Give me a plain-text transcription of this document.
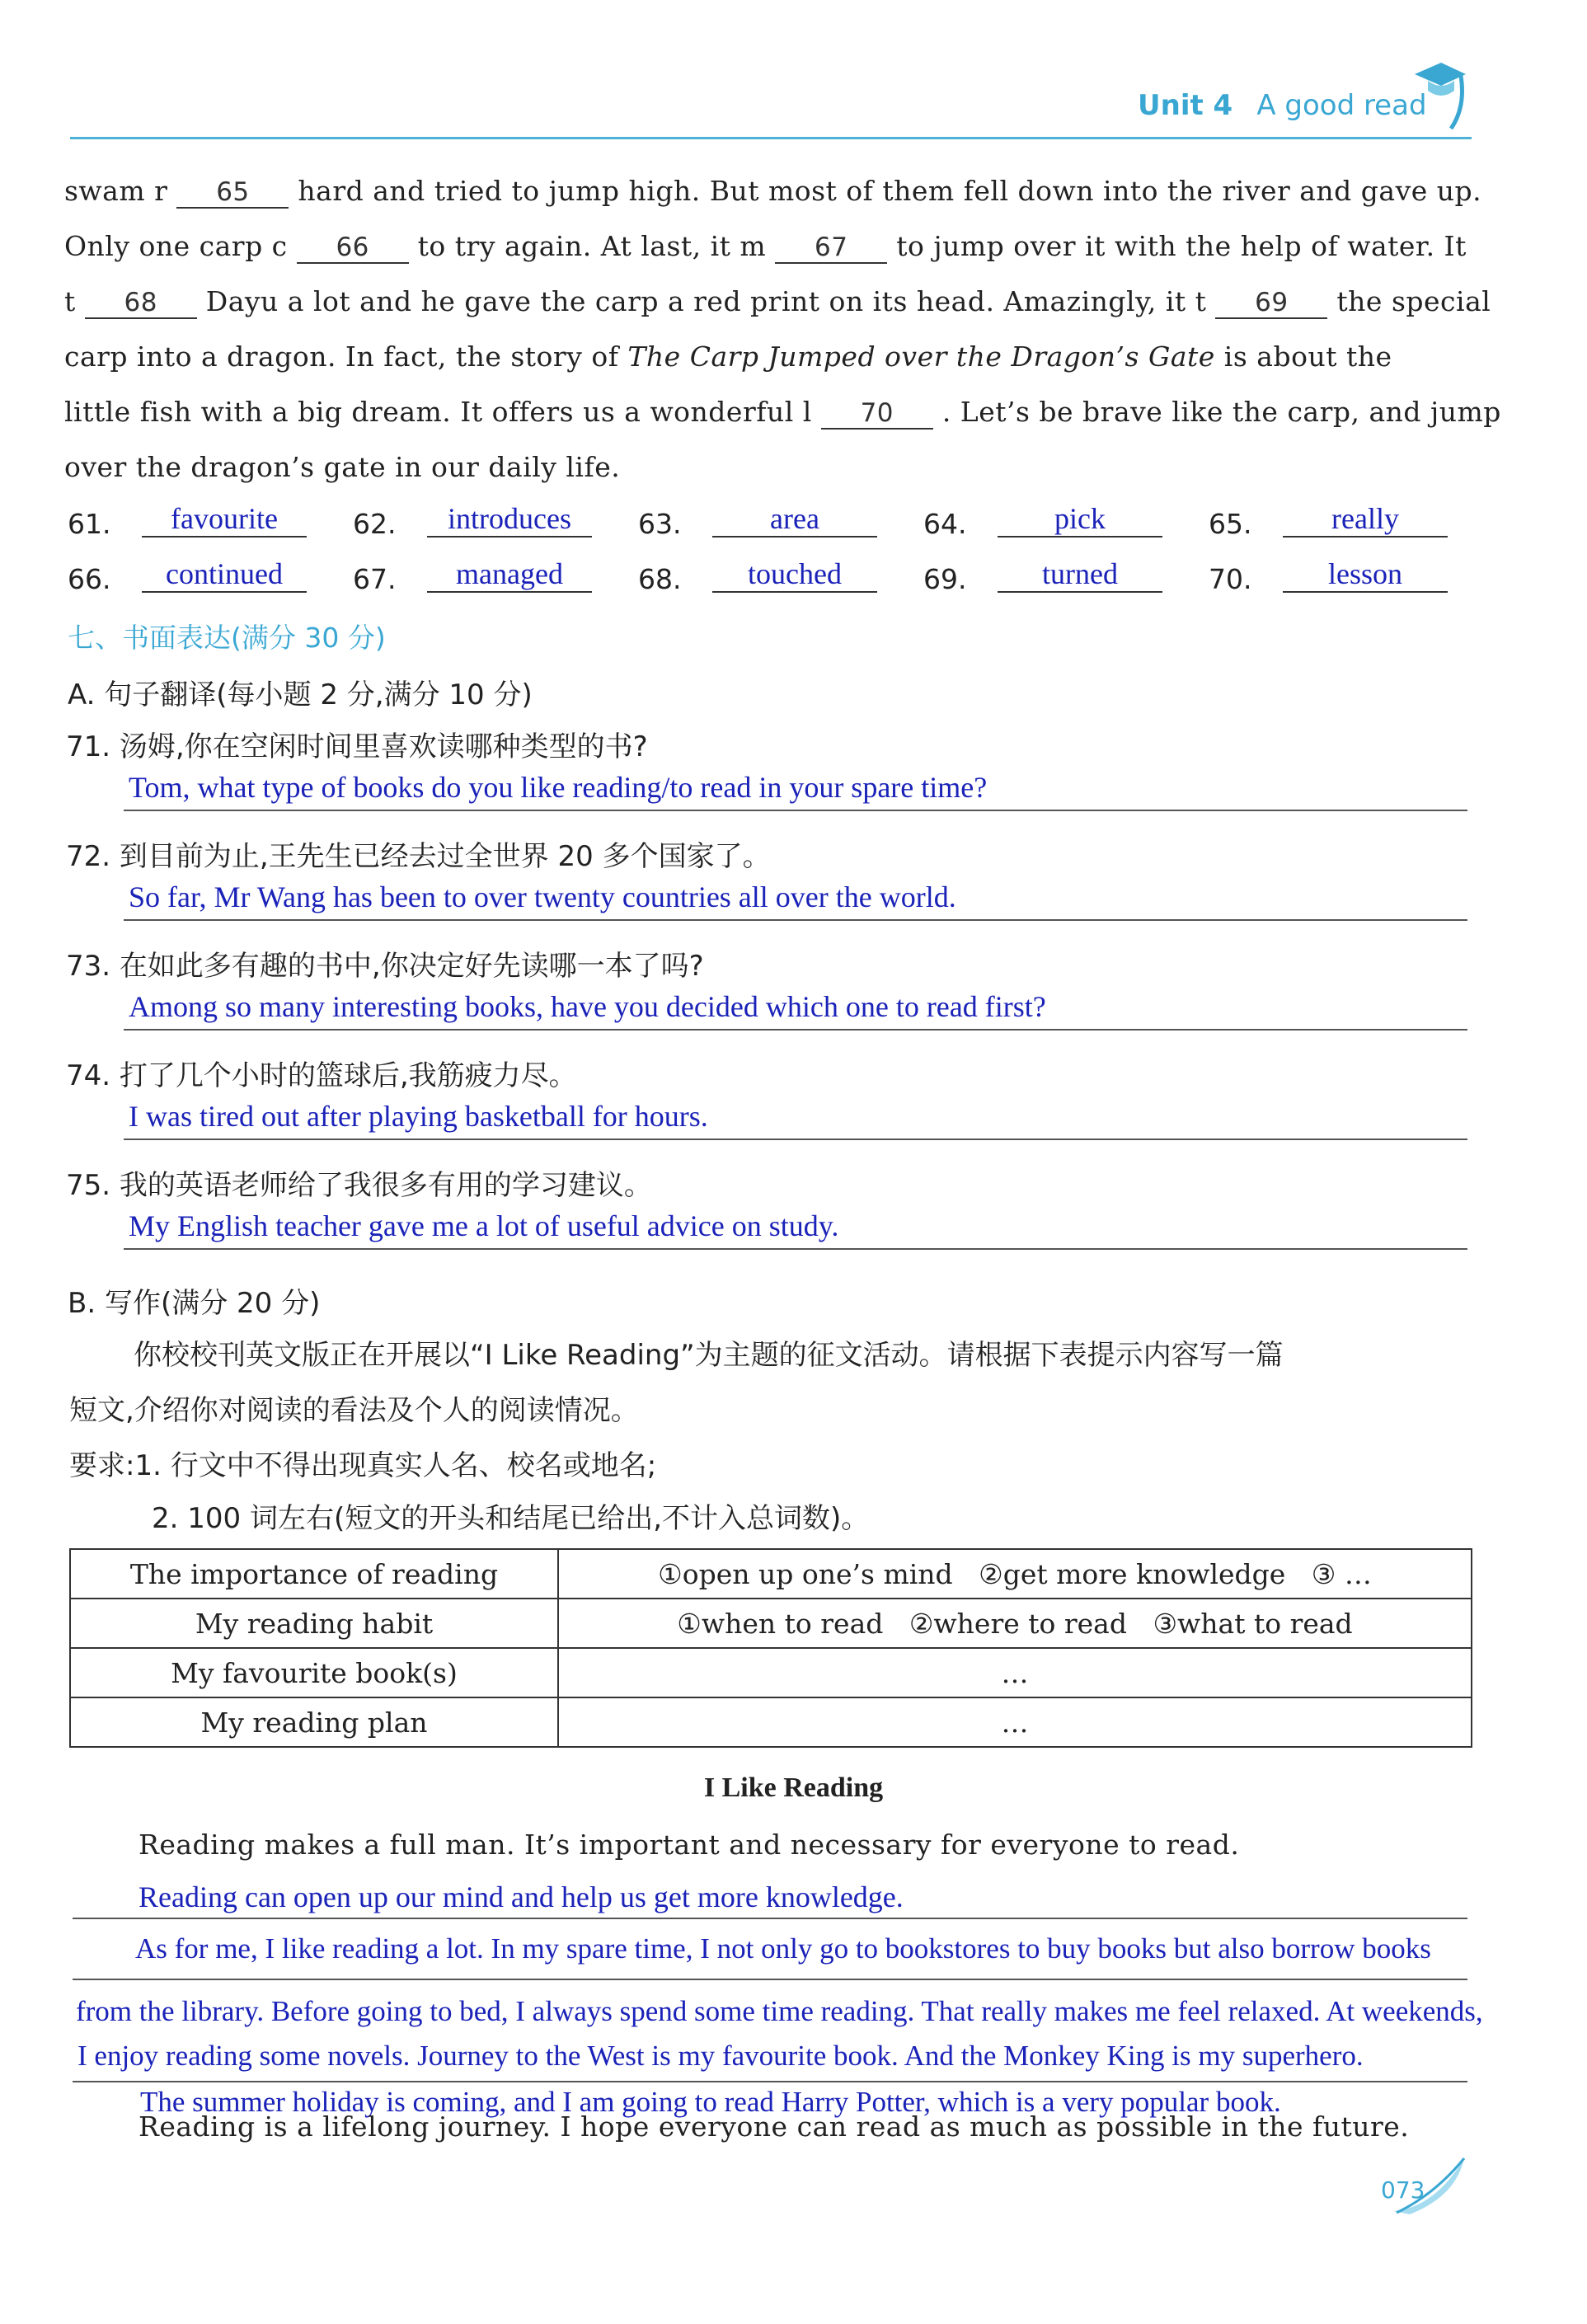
Unit 4 A good read
swam r 65 hard and tried to jump high. But most of them fell down into the river and gave up.
Only one carp c 66 to try again. At last, it m 67 to jump over it with the help of water. It
t 68 Dayu a lot and he gave the carp a red print on its head. Amazingly, it t 69 the special
carp into a dragon. In fact, the story of The Carp Jumped over the Dragon’s Gate is about the
little fish with a big dream. It offers us a wonderful l 70 . Let’s be brave like the carp, and jump
over the dragon’s gate in our daily life.
61.	favourite	62.	introduces	63.	area	64.	pick	65.	really
66.	continued	67.	managed	68.	touched	69.	turned	70.	lesson
七、书面表达(满分 30 分)
A. 句子翻译(每小题 2 分,满分 10 分)
71. 汤姆,你在空闲时间里喜欢读哪种类型的书?
Tom, what type of books do you like reading/to read in your spare time?
72. 到目前为止,王先生已经去过全世界 20 多个国家了。
So far, Mr Wang has been to over twenty countries all over the world.
73. 在如此多有趣的书中,你决定好先读哪一本了吗?
Among so many interesting books, have you decided which one to read first?
74. 打了几个小时的篮球后,我筋疲力尽。
I was tired out after playing basketball for hours.
75. 我的英语老师给了我很多有用的学习建议。
My English teacher gave me a lot of useful advice on study.
B. 写作(满分 20 分)
你校校刊英文版正在开展以“I Like Reading”为主题的征文活动。请根据下表提示内容写一篇
短文,介绍你对阅读的看法及个人的阅读情况。
要求:1. 行文中不得出现真实人名、校名或地名;
2. 100 词左右(短文的开头和结尾已给出,不计入总词数)。
The importance of reading	①open up one’s mind   ②get more knowledge   ③ …
My reading habit	①when to read   ②where to read   ③what to read
My favourite book(s)	…
My reading plan	…
I Like Reading
Reading makes a full man. It’s important and necessary for everyone to read.
Reading can open up our mind and help us get more knowledge.
As for me, I like reading a lot. In my spare time, I not only go to bookstores to buy books but also borrow books
from the library. Before going to bed, I always spend some time reading. That really makes me feel relaxed. At weekends,
I enjoy reading some novels. Journey to the West is my favourite book. And the Monkey King is my superhero.
The summer holiday is coming, and I am going to read Harry Potter, which is a very popular book.
Reading is a lifelong journey. I hope everyone can read as much as possible in the future.
073
